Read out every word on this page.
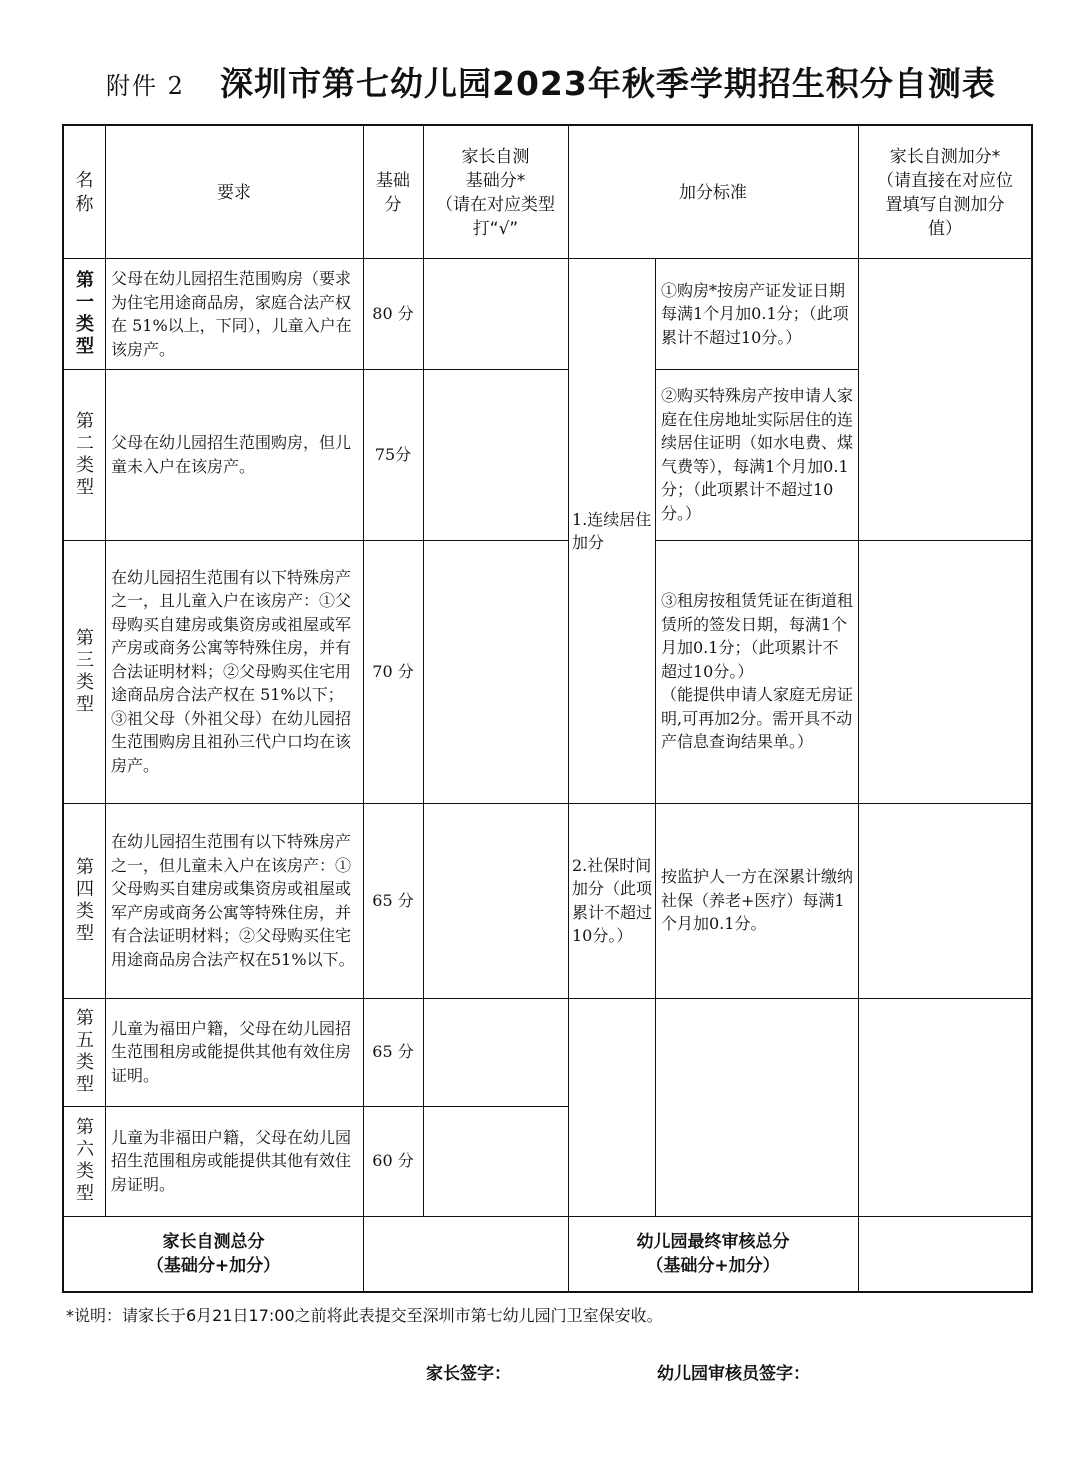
附件 2 深圳市第七幼儿园2023年秋季学期招生积分自测表
名
称
要求
基础
分
家长自测
基础分*
（请在对应类型
打“√”
加分标准
家长自测加分*
（请直接在对应位
置填写自测加分
值）
第一类型
父母在幼儿园招生范围购房（要求为住宅用途商品房，家庭合法产权在 51%以上，下同），儿童入户在该房产。
80 分
第二类型
父母在幼儿园招生范围购房，但儿童未入户在该房产。
75分
第三类型
在幼儿园招生范围有以下特殊房产之一，且儿童入户在该房产：①父母购买自建房或集资房或祖屋或军产房或商务公寓等特殊住房，并有合法证明材料；②父母购买住宅用途商品房合法产权在 51%以下；③祖父母（外祖父母）在幼儿园招生范围购房且祖孙三代户口均在该房产。
70 分
第四类型
在幼儿园招生范围有以下特殊房产之一，但儿童未入户在该房产：①父母购买自建房或集资房或祖屋或军产房或商务公寓等特殊住房，并有合法证明材料；②父母购买住宅用途商品房合法产权在51%以下。
65 分
第五类型
儿童为福田户籍，父母在幼儿园招生范围租房或能提供其他有效住房证明。
65 分
第六类型
儿童为非福田户籍，父母在幼儿园招生范围租房或能提供其他有效住房证明。
60 分
1.连续居住加分
①购房*按房产证发证日期每满1个月加0.1分；（此项累计不超过10分。）
②购买特殊房产按申请人家庭在住房地址实际居住的连续居住证明（如水电费、煤气费等），每满1个月加0.1 分；（此项累计不超过10分。）
③租房按租赁凭证在街道租赁所的签发日期，每满1个月加0.1分；（此项累计不超过10分。）
（能提供申请人家庭无房证明,可再加2分。需开具不动产信息查询结果单。）
2.社保时间加分（此项累计不超过10分。）
按监护人一方在深累计缴纳社保（养老+医疗）每满1个月加0.1分。
家长自测总分
（基础分+加分）
幼儿园最终审核总分
（基础分+加分）
*说明：请家长于6月21日17:00之前将此表提交至深圳市第七幼儿园门卫室保安收。
家长签字：	幼儿园审核员签字：
